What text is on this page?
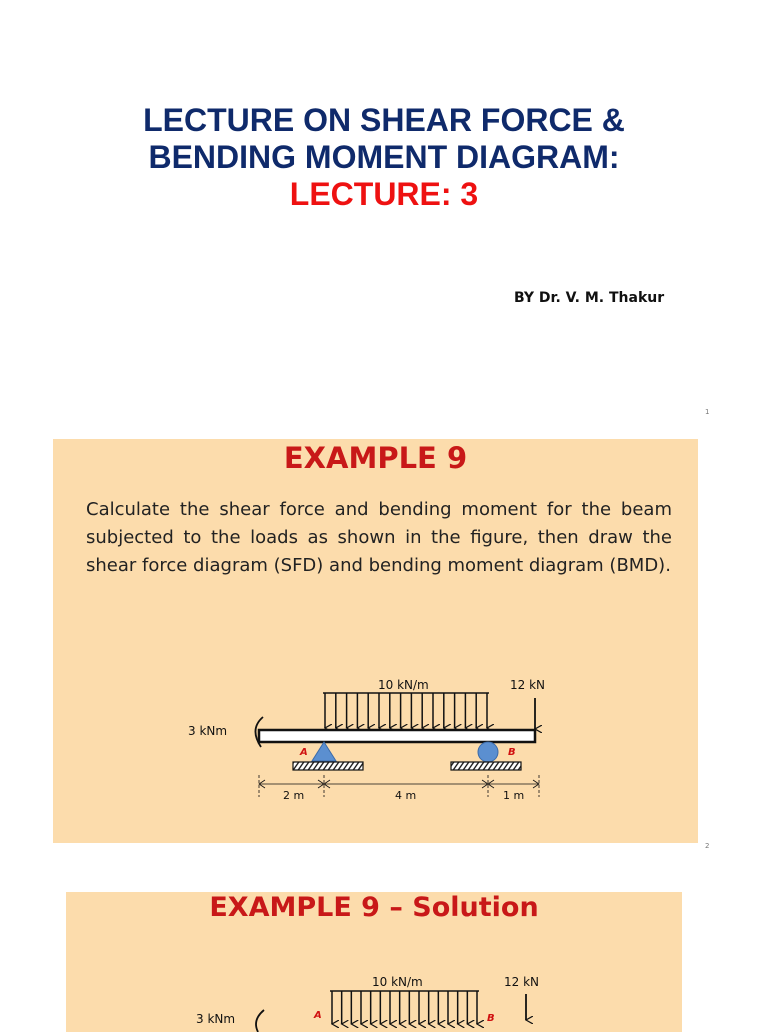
LECTURE ON SHEAR FORCE &
BENDING MOMENT DIAGRAM:
LECTURE: 3
BY Dr. V. M. Thakur
1
EXAMPLE 9
Calculate the shear force and bending moment for the beam subjected to the loads as shown in the figure, then draw the shear force diagram (SFD) and bending moment diagram (BMD).
10 kN/m	12 kN
3 kNm
A	B
2 m	4 m	1 m
2
EXAMPLE 9 – Solution
10 kN/m	12 kN
3 kNm	A	B
